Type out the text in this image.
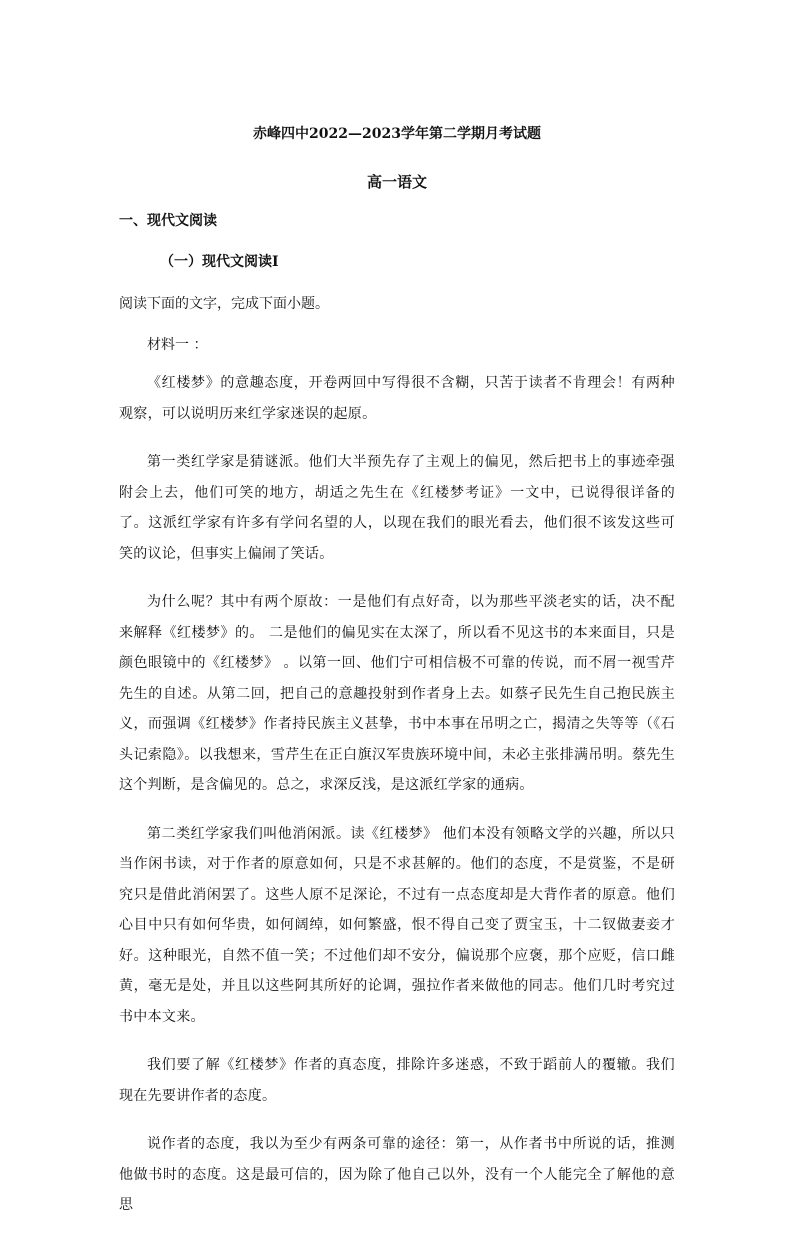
赤峰四中2022—2023学年第二学期月考试题
高一语文
一、现代文阅读
（一）现代文阅读Ⅰ
阅读下面的文字，完成下面小题。
材料一 ：

《红楼梦》的意趣态度，开卷两回中写得很不含糊，只苦于读者不肯理会！有两种观察，可以说明历来红学家迷误的起原。

第一类红学家是猜谜派。他们大半预先存了主观上的偏见，然后把书上的事迹牵强附会上去，他们可笑的地方，胡适之先生在《红楼梦考证》一文中，已说得很详备的了。这派红学家有许多有学问名望的人，以现在我们的眼光看去，他们很不该发这些可笑的议论，但事实上偏闹了笑话。

为什么呢？其中有两个原故：一是他们有点好奇，以为那些平淡老实的话，决不配来解释《红楼梦》的。 二是他们的偏见实在太深了，所以看不见这书的本来面目，只是颜色眼镜中的《红楼梦》 。以第一回、他们宁可相信极不可靠的传说，而不屑一视雪芹先生的自述。从第二回，把自己的意趣投射到作者身上去。如蔡孑民先生自己抱民族主义，而强调《红楼梦》作者持民族主义甚挚，书中本事在吊明之亡，揭清之失等等（《石头记索隐》。以我想来，雪芹生在正白旗汉军贵族环境中间，未必主张排满吊明。蔡先生这个判断，是含偏见的。总之，求深反浅，是这派红学家的通病。

第二类红学家我们叫他消闲派。读《红楼梦》 他们本没有领略文学的兴趣，所以只当作闲书读，对于作者的原意如何，只是不求甚解的。他们的态度，不是赏鉴，不是研究只是借此消闲罢了。这些人原不足深论，不过有一点态度却是大背作者的原意。他们心目中只有如何华贵，如何阔绰，如何繁盛，恨不得自己变了贾宝玉，十二钗做妻妾才好。这种眼光，自然不值一笑；不过他们却不安分，偏说那个应褒，那个应贬，信口雌黄，毫无是处，并且以这些阿其所好的论调，强拉作者来做他的同志。他们几时考究过书中本文来。

我们要了解《红楼梦》作者的真态度，排除许多迷惑，不致于蹈前人的覆辙。我们现在先要讲作者的态度。

说作者的态度，我以为至少有两条可靠的途径：第一，从作者书中所说的话，推测他做书时的态度。这是最可信的，因为除了他自己以外，没有一个人能完全了解他的意思
